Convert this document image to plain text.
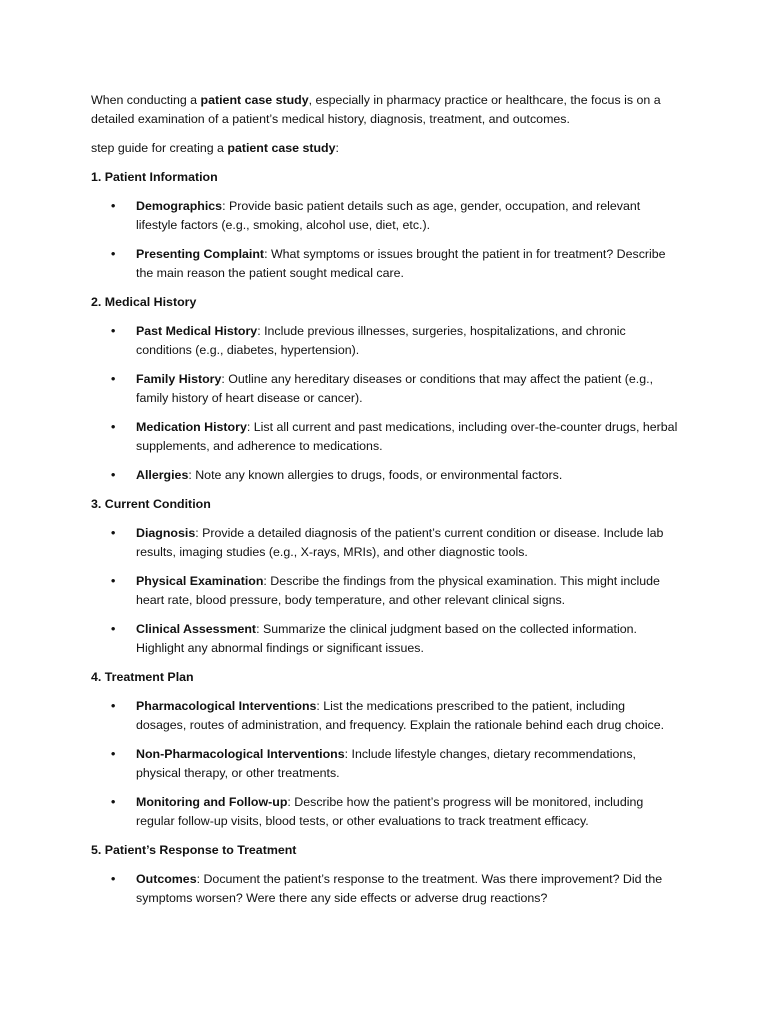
When conducting a patient case study, especially in pharmacy practice or healthcare, the focus is on a detailed examination of a patient’s medical history, diagnosis, treatment, and outcomes.

step guide for creating a patient case study:

1. Patient Information

• Demographics: Provide basic patient details such as age, gender, occupation, and relevant lifestyle factors (e.g., smoking, alcohol use, diet, etc.).
• Presenting Complaint: What symptoms or issues brought the patient in for treatment? Describe the main reason the patient sought medical care.

2. Medical History

• Past Medical History: Include previous illnesses, surgeries, hospitalizations, and chronic conditions (e.g., diabetes, hypertension).
• Family History: Outline any hereditary diseases or conditions that may affect the patient (e.g., family history of heart disease or cancer).
• Medication History: List all current and past medications, including over-the-counter drugs, herbal supplements, and adherence to medications.
• Allergies: Note any known allergies to drugs, foods, or environmental factors.

3. Current Condition

• Diagnosis: Provide a detailed diagnosis of the patient’s current condition or disease. Include lab results, imaging studies (e.g., X-rays, MRIs), and other diagnostic tools.
• Physical Examination: Describe the findings from the physical examination. This might include heart rate, blood pressure, body temperature, and other relevant clinical signs.
• Clinical Assessment: Summarize the clinical judgment based on the collected information. Highlight any abnormal findings or significant issues.

4. Treatment Plan

• Pharmacological Interventions: List the medications prescribed to the patient, including dosages, routes of administration, and frequency. Explain the rationale behind each drug choice.
• Non-Pharmacological Interventions: Include lifestyle changes, dietary recommendations, physical therapy, or other treatments.
• Monitoring and Follow-up: Describe how the patient’s progress will be monitored, including regular follow-up visits, blood tests, or other evaluations to track treatment efficacy.

5. Patient’s Response to Treatment

• Outcomes: Document the patient’s response to the treatment. Was there improvement? Did the symptoms worsen? Were there any side effects or adverse drug reactions?
